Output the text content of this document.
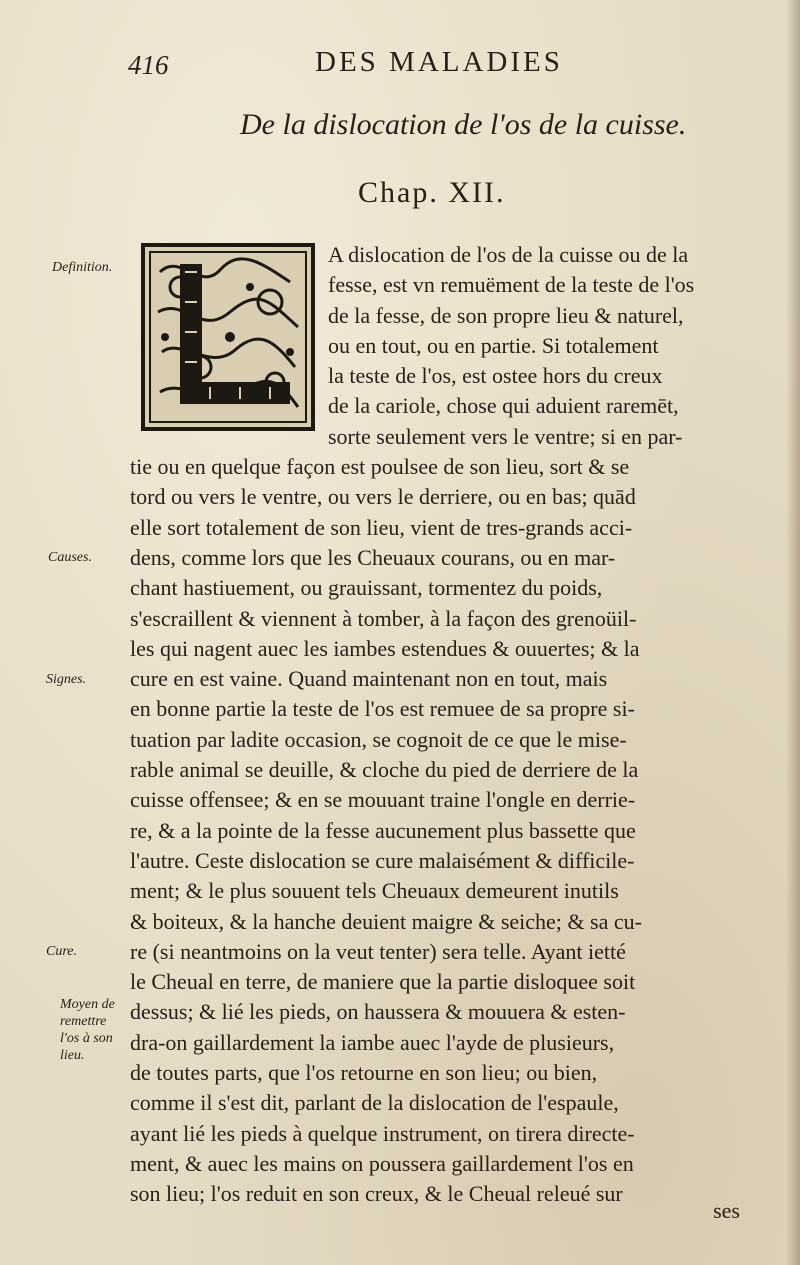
416	DES MALADIES
De la dislocation de l'os de la cuisse.
Chap. XII.
Definition.
Causes.
Signes.
Cure.
Moyen de
remettre
l'os à son
lieu.
A dislocation de l'os de la cuisse ou de la
fesse, est vn remuëment de la teste de l'os
de la fesse, de son propre lieu & naturel,
ou en tout, ou en partie. Si totalement
la teste de l'os, est ostee hors du creux
de la cariole, chose qui aduient raremēt,
sorte seulement vers le ventre; si en par-
tie ou en quelque façon est poulsee de son lieu, sort & se
tord ou vers le ventre, ou vers le derriere, ou en bas; quād
elle sort totalement de son lieu, vient de tres-grands acci-
dens, comme lors que les Cheuaux courans, ou en mar-
chant hastiuement, ou grauissant, tormentez du poids,
s'escraillent & viennent à tomber, à la façon des grenoüil-
les qui nagent auec les iambes estendues & ouuertes; & la
cure en est vaine. Quand maintenant non en tout, mais
en bonne partie la teste de l'os est remuee de sa propre si-
tuation par ladite occasion, se cognoit de ce que le mise-
rable animal se deuille, & cloche du pied de derriere de la
cuisse offensee; & en se mouuant traine l'ongle en derrie-
re, & a la pointe de la fesse aucunement plus bassette que
l'autre. Ceste dislocation se cure malaisément & difficile-
ment; & le plus souuent tels Cheuaux demeurent inutils
& boiteux, & la hanche deuient maigre & seiche; & sa cu-
re (si neantmoins on la veut tenter) sera telle. Ayant ietté
le Cheual en terre, de maniere que la partie disloquee soit
dessus; & lié les pieds, on haussera & mouuera & esten-
dra-on gaillardement la iambe auec l'ayde de plusieurs,
de toutes parts, que l'os retourne en son lieu; ou bien,
comme il s'est dit, parlant de la dislocation de l'espaule,
ayant lié les pieds à quelque instrument, on tirera directe-
ment, & auec les mains on poussera gaillardement l'os en
son lieu; l'os reduit en son creux, & le Cheual releué sur
ses
